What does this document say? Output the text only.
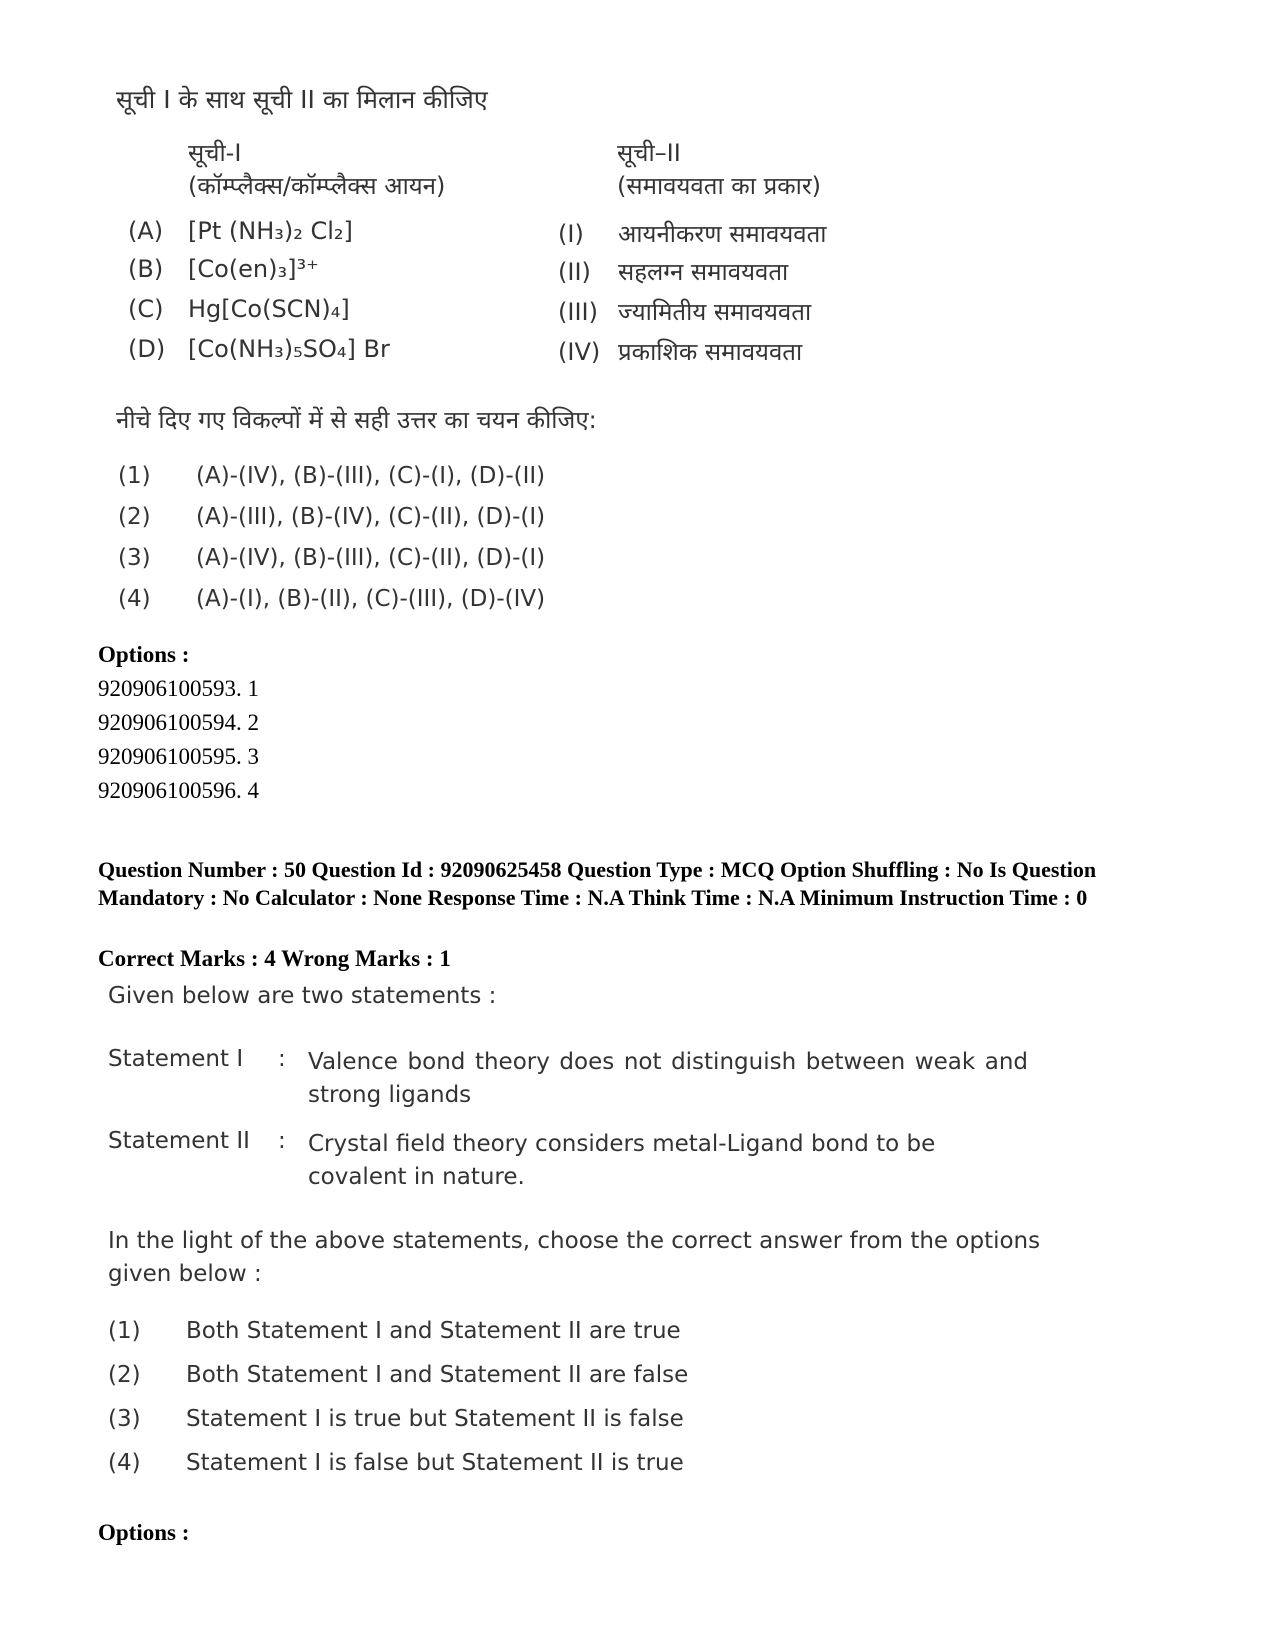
सूची I के साथ सूची II का मिलान कीजिए
सूची-I
(कॉम्प्लैक्स/कॉम्प्लैक्स आयन)
सूची–II
(समावयवता का प्रकार)
(A) [Pt (NH₃)₂ Cl₂]	(I) आयनीकरण समावयवता
(B) [Co(en)₃]³⁺	(II) सहलग्न समावयवता
(C) Hg[Co(SCN)₄]	(III) ज्यामितीय समावयवता
(D) [Co(NH₃)₅SO₄] Br	(IV) प्रकाशिक समावयवता
नीचे दिए गए विकल्पों में से सही उत्तर का चयन कीजिए:
(1) (A)-(IV), (B)-(III), (C)-(I), (D)-(II)
(2) (A)-(III), (B)-(IV), (C)-(II), (D)-(I)
(3) (A)-(IV), (B)-(III), (C)-(II), (D)-(I)
(4) (A)-(I), (B)-(II), (C)-(III), (D)-(IV)
Options :
920906100593. 1
920906100594. 2
920906100595. 3
920906100596. 4
Question Number : 50 Question Id : 92090625458 Question Type : MCQ Option Shuffling : No Is Question Mandatory : No Calculator : None Response Time : N.A Think Time : N.A Minimum Instruction Time : 0
Correct Marks : 4 Wrong Marks : 1
Given below are two statements :
Statement I : Valence bond theory does not distinguish between weak and strong ligands
Statement II : Crystal field theory considers metal-Ligand bond to be covalent in nature.
In the light of the above statements, choose the correct answer from the options
given below :
(1) Both Statement I and Statement II are true
(2) Both Statement I and Statement II are false
(3) Statement I is true but Statement II is false
(4) Statement I is false but Statement II is true
Options :
